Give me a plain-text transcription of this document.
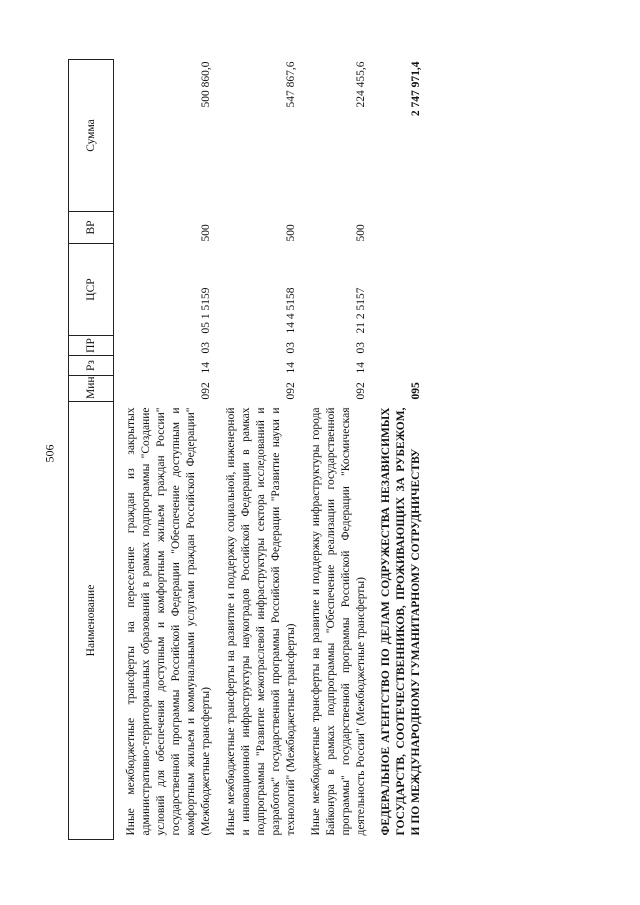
506
Наименование	Мин	Рз	ПР	ЦСР	ВР	Сумма

Иные межбюджетные трансферты на переселение граждан из закрытых административно-территориальных образований в рамках подпрограммы "Создание условий для обеспечения доступным и комфортным жильем граждан России" государственной программы Российской Федерации "Обеспечение доступным и комфортным жильем и коммунальными услугами граждан Российской Федерации" (Межбюджетные трансферты)	092	14	03	05 1 5159	500	500 860,0

Иные межбюджетные трансферты на развитие и поддержку социальной, инженерной и инновационной инфраструктуры наукоградов Российской Федерации в рамках подпрограммы "Развитие межотраслевой инфраструктуры сектора исследований и разработок" государственной программы Российской Федерации "Развитие науки и технологий" (Межбюджетные трансферты)	092	14	03	14 4 5158	500	547 867,6

Иные межбюджетные трансферты на развитие и поддержку инфраструктуры города Байконура в рамках подпрограммы "Обеспечение реализации государственной программы" государственной программы Российской Федерации "Космическая деятельность России" (Межбюджетные трансферты)	092	14	03	21 2 5157	500	224 455,6
ФЕДЕРАЛЬНОЕ АГЕНТСТВО ПО ДЕЛАМ СОДРУЖЕСТВА НЕЗАВИСИМЫХ ГОСУДАРСТВ, СООТЕЧЕСТВЕННИКОВ, ПРОЖИВАЮЩИХ ЗА РУБЕЖОМ, И ПО МЕЖДУНАРОДНОМУ ГУМАНИТАРНОМУ СОТРУДНИЧЕСТВУ	095					2 747 971,4
